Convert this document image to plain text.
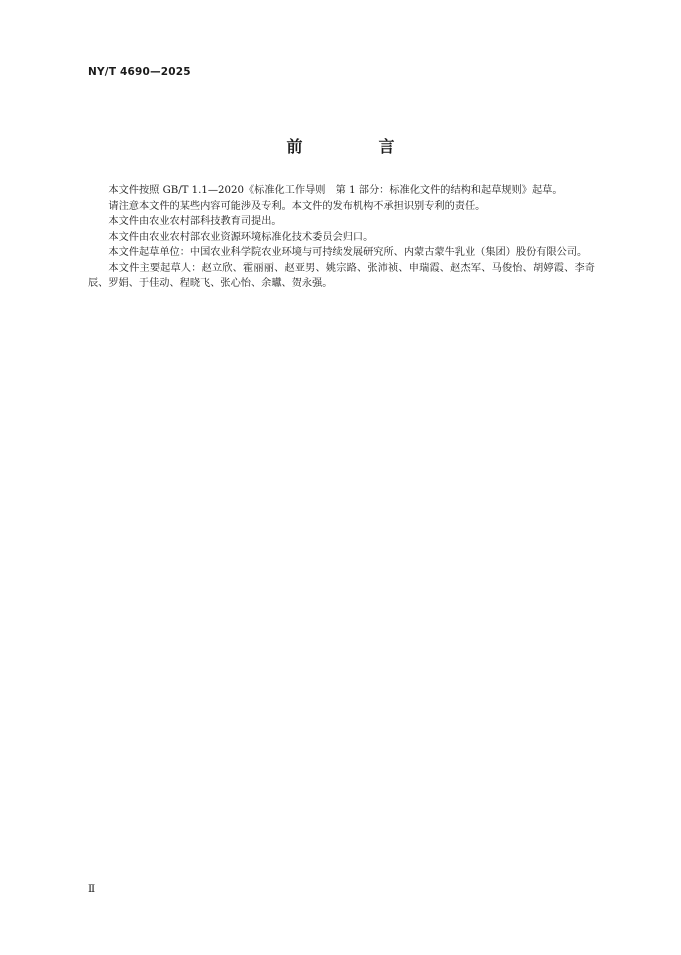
NY/T 4690—2025
前　言

本文件按照 GB/T 1.1—2020《标准化工作导则　第 1 部分：标准化文件的结构和起草规则》起草。

请注意本文件的某些内容可能涉及专利。本文件的发布机构不承担识别专利的责任。

本文件由农业农村部科技教育司提出。

本文件由农业农村部农业资源环境标准化技术委员会归口。

本文件起草单位：中国农业科学院农业环境与可持续发展研究所、内蒙古蒙牛乳业（集团）股份有限公司。

本文件主要起草人：赵立欣、霍丽丽、赵亚男、姚宗路、张沛祯、申瑞霞、赵杰军、马俊怡、胡婷霞、李奇辰、罗娟、于佳动、程晓飞、张心怡、余瓛、贺永强。

Ⅱ
